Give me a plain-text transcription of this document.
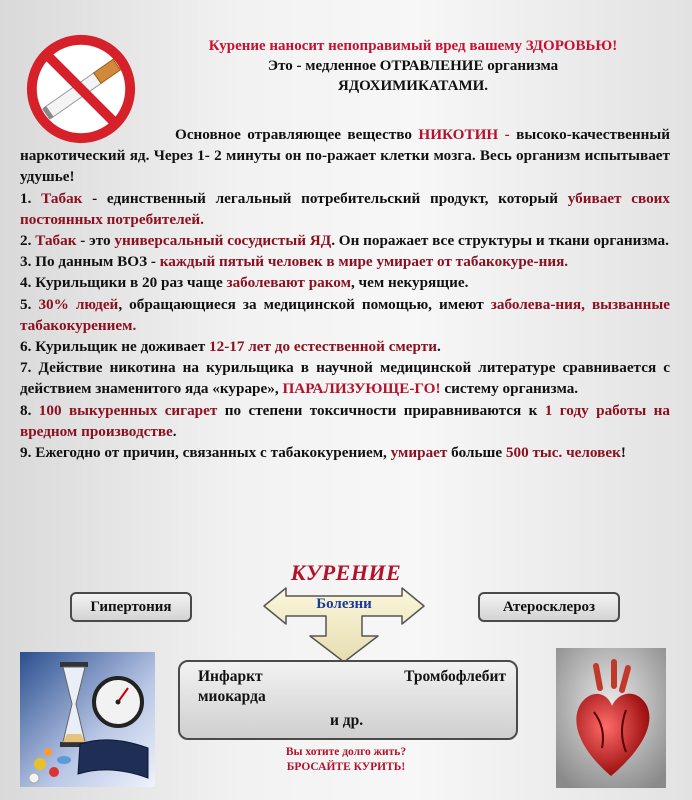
Курение наносит непоправимый вред вашему ЗДОРОВЬЮ!
Это - медленное ОТРАВЛЕНИЕ организма
ЯДОХИМИКАТАМИ.

Основное отравляющее вещество НИКОТИН - высоко-качественный наркотический яд. Через 1- 2 минуты он по-ражает клетки мозга. Весь организм испытывает удушье!

1. Табак - единственный легальный потребительский продукт, который убивает своих постоянных потребителей.

2. Табак - это универсальный сосудистый ЯД. Он поражает все структуры и ткани организма.

3. По данным ВОЗ - каждый пятый человек в мире умирает от табакокуре-ния.

4. Курильщики в 20 раз чаще заболевают раком, чем некурящие.

5. 30% людей, обращающиеся за медицинской помощью, имеют заболева-ния, вызванные табакокурением.

6. Курильщик не доживает 12-17 лет до естественной смерти.

7. Действие никотина на курильщика в научной медицинской литературе сравнивается с действием знаменитого яда «кураре», ПАРАЛИЗУЮЩЕ-ГО! систему организма.

8. 100 выкуренных сигарет по степени токсичности приравниваются к 1 году работы на вредном производстве.

9. Ежегодно от причин, связанных с табакокурением, умирает больше 500 тыс. человек!

КУРЕНИЕ
Гипертония	Атеросклероз
Болезни
Инфаркт
миокарда
Тромбофлебит
и др.
Вы хотите долго жить?
БРОСАЙТЕ КУРИТЬ!
